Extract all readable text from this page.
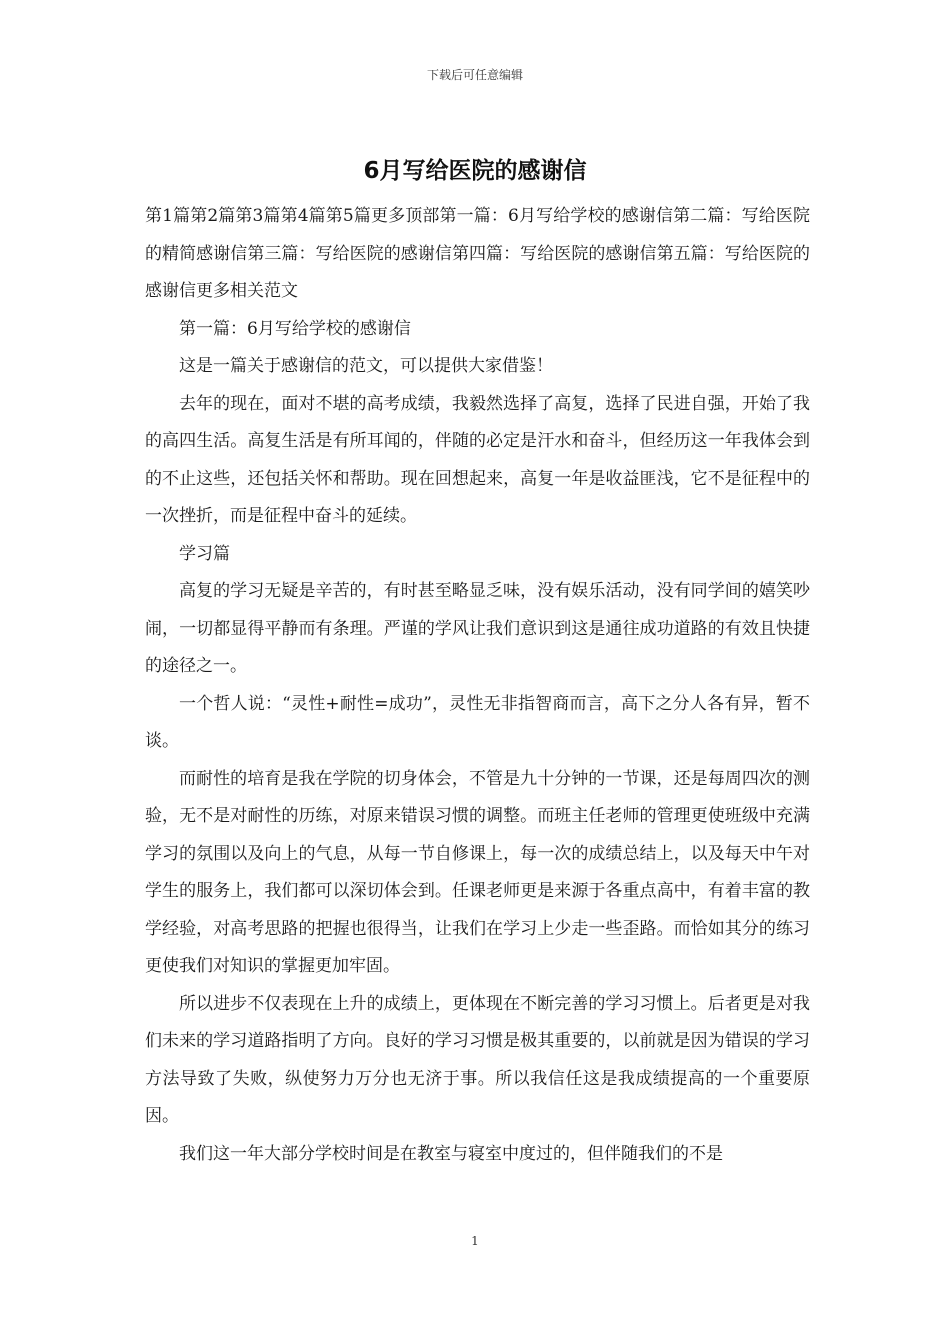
下载后可任意编辑
6月写给医院的感谢信

第1篇第2篇第3篇第4篇第5篇更多顶部第一篇：6月写给学校的感谢信第二篇：写给医院的精简感谢信第三篇：写给医院的感谢信第四篇：写给医院的感谢信第五篇：写给医院的感谢信更多相关范文

第一篇：6月写给学校的感谢信

这是一篇关于感谢信的范文，可以提供大家借鉴！

去年的现在，面对不堪的高考成绩，我毅然选择了高复，选择了民进自强，开始了我的高四生活。高复生活是有所耳闻的，伴随的必定是汗水和奋斗，但经历这一年我体会到的不止这些，还包括关怀和帮助。现在回想起来，高复一年是收益匪浅，它不是征程中的一次挫折，而是征程中奋斗的延续。

学习篇

高复的学习无疑是辛苦的，有时甚至略显乏味，没有娱乐活动，没有同学间的嬉笑吵闹，一切都显得平静而有条理。严谨的学风让我们意识到这是通往成功道路的有效且快捷的途径之一。

一个哲人说：“灵性+耐性=成功”，灵性无非指智商而言，高下之分人各有异，暂不谈。

而耐性的培育是我在学院的切身体会，不管是九十分钟的一节课，还是每周四次的测验，无不是对耐性的历练，对原来错误习惯的调整。而班主任老师的管理更使班级中充满学习的氛围以及向上的气息，从每一节自修课上，每一次的成绩总结上，以及每天中午对学生的服务上，我们都可以深切体会到。任课老师更是来源于各重点高中，有着丰富的教学经验，对高考思路的把握也很得当，让我们在学习上少走一些歪路。而恰如其分的练习更使我们对知识的掌握更加牢固。

所以进步不仅表现在上升的成绩上，更体现在不断完善的学习习惯上。后者更是对我们未来的学习道路指明了方向。良好的学习习惯是极其重要的，以前就是因为错误的学习方法导致了失败，纵使努力万分也无济于事。所以我信任这是我成绩提高的一个重要原因。

我们这一年大部分学校时间是在教室与寝室中度过的，但伴随我们的不是

1
